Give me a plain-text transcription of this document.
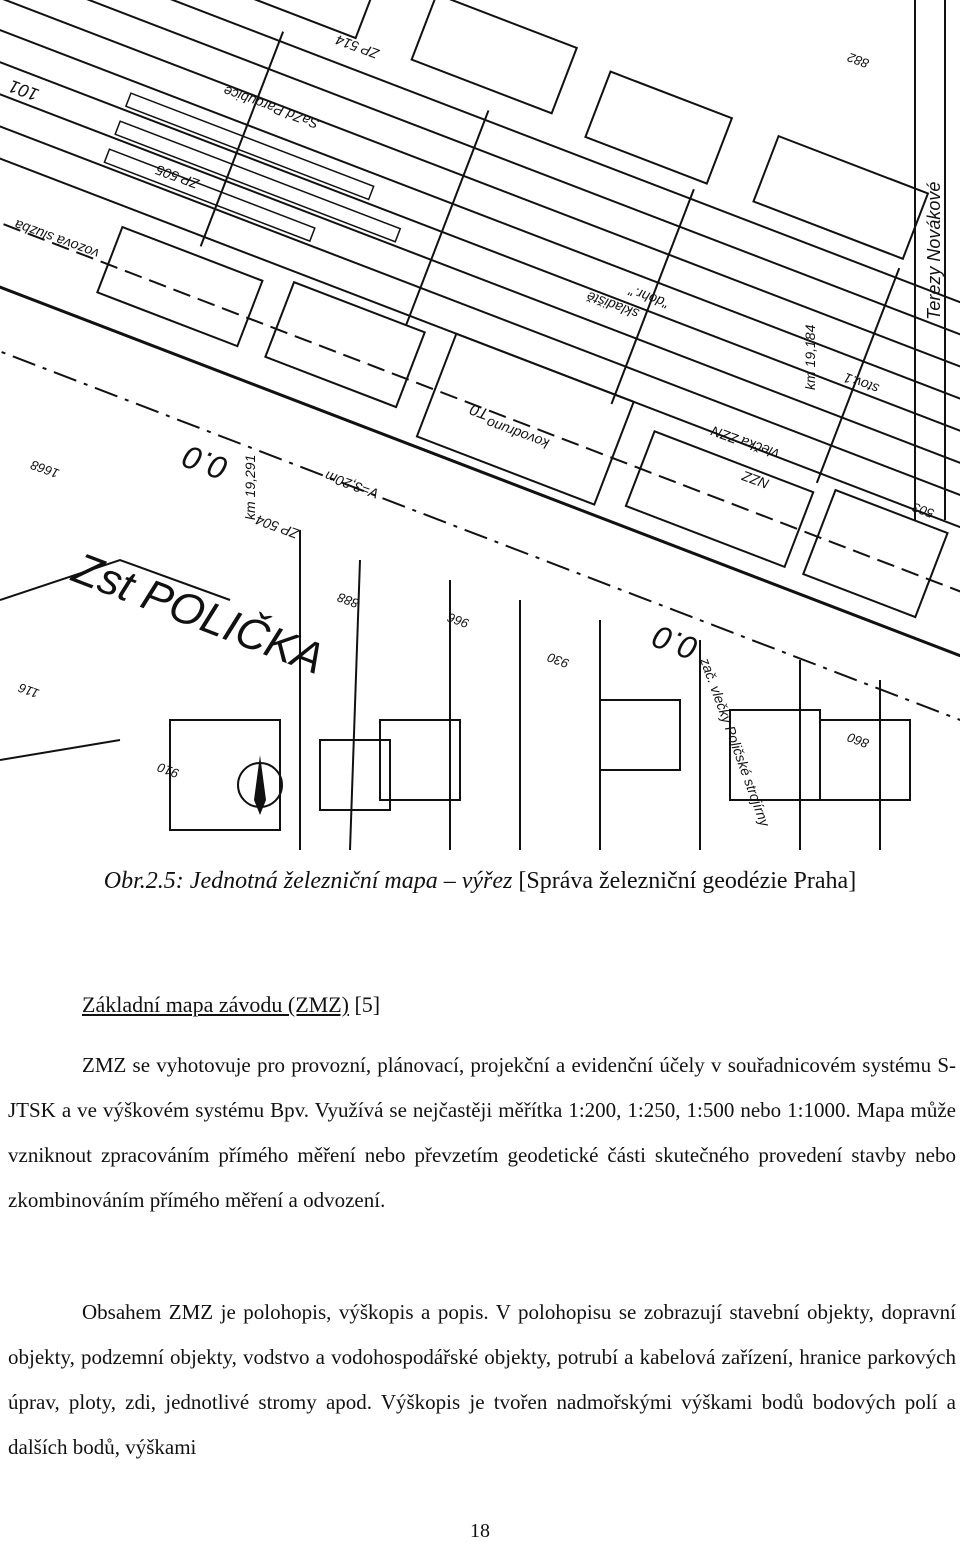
Zst POLIČKA
Terezy Novákové
km 19,291
km 19,184
ZP 504
ZP 505
ZP 514
SaZd Pardubice
vlečka ZZN
NZZ
zač. vlečky Poličské strojírny
kovodruno
skladiště
"dohr."
vozová služba
0.0
0.0
V=3,20m
1668
101
888
966
930
910
116
860
882
503
stov.1
T0
Obr.2.5: Jednotná železniční mapa – výřez [Správa železniční geodézie Praha]
Základní mapa závodu (ZMZ) [5]
ZMZ se vyhotovuje pro provozní, plánovací, projekční a evidenční účely v souřadnicovém systému S-JTSK a ve výškovém systému Bpv. Využívá se nejčastěji měřítka 1:200, 1:250, 1:500 nebo 1:1000. Mapa může vzniknout zpracováním přímého měření nebo převzetím geodetické části skutečného provedení stavby nebo zkombinováním přímého měření a odvození.
Obsahem ZMZ je polohopis, výškopis a popis. V polohopisu se zobrazují stavební objekty, dopravní objekty, podzemní objekty, vodstvo a vodohospodářské objekty, potrubí a kabelová zařízení, hranice parkových úprav, ploty, zdi, jednotlivé stromy apod. Výškopis je tvořen nadmořskými výškami bodů bodových polí a dalších bodů, výškami
18
